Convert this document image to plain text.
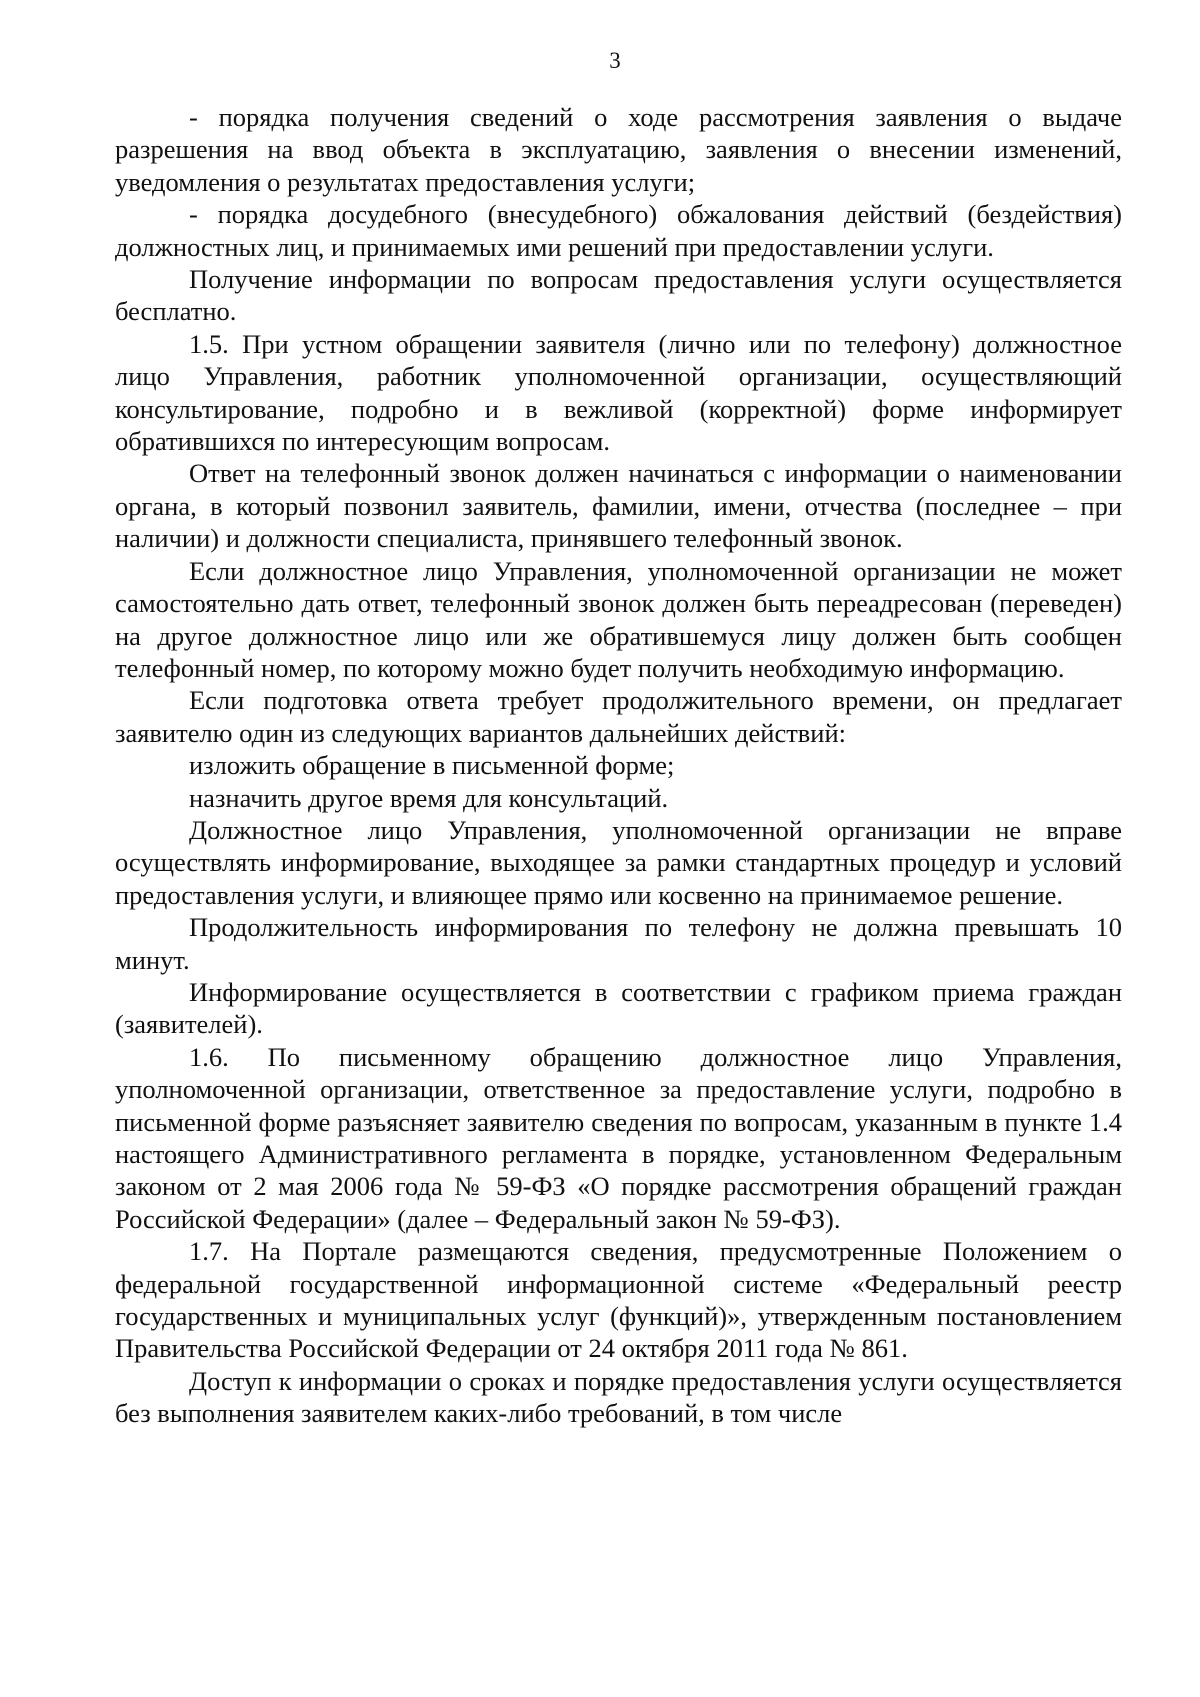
3

- порядка получения сведений о ходе рассмотрения заявления о выдаче разрешения на ввод объекта в эксплуатацию, заявления о внесении изменений, уведомления о результатах предоставления услуги;

- порядка досудебного (внесудебного) обжалования действий (бездействия) должностных лиц, и принимаемых ими решений при предоставлении услуги.

Получение информации по вопросам предоставления услуги осуществляется бесплатно.

1.5. При устном обращении заявителя (лично или по телефону) должностное лицо Управления, работник уполномоченной организации, осуществляющий консультирование, подробно и в вежливой (корректной) форме информирует обратившихся по интересующим вопросам.

Ответ на телефонный звонок должен начинаться с информации о наименовании органа, в который позвонил заявитель, фамилии, имени, отчества (последнее – при наличии) и должности специалиста, принявшего телефонный звонок.

Если должностное лицо Управления, уполномоченной организации не может самостоятельно дать ответ, телефонный звонок должен быть переадресован (переведен) на другое должностное лицо или же обратившемуся лицу должен быть сообщен телефонный номер, по которому можно будет получить необходимую информацию.

Если подготовка ответа требует продолжительного времени, он предлагает заявителю один из следующих вариантов дальнейших действий:

изложить обращение в письменной форме;

назначить другое время для консультаций.

Должностное лицо Управления, уполномоченной организации не вправе осуществлять информирование, выходящее за рамки стандартных процедур и условий предоставления услуги, и влияющее прямо или косвенно на принимаемое решение.

Продолжительность информирования по телефону не должна превышать 10 минут.

Информирование осуществляется в соответствии с графиком приема граждан (заявителей).

1.6. По письменному обращению должностное лицо Управления, уполномоченной организации, ответственное за предоставление услуги, подробно в письменной форме разъясняет заявителю сведения по вопросам, указанным в пункте 1.4 настоящего Административного регламента в порядке, установленном Федеральным законом от 2 мая 2006 года № 59-ФЗ «О порядке рассмотрения обращений граждан Российской Федерации» (далее – Федеральный закон № 59-ФЗ).

1.7. На Портале размещаются сведения, предусмотренные Положением о федеральной государственной информационной системе «Федеральный реестр государственных и муниципальных услуг (функций)», утвержденным постановлением Правительства Российской Федерации от 24 октября 2011 года № 861.

Доступ к информации о сроках и порядке предоставления услуги осуществляется без выполнения заявителем каких-либо требований, в том числе
